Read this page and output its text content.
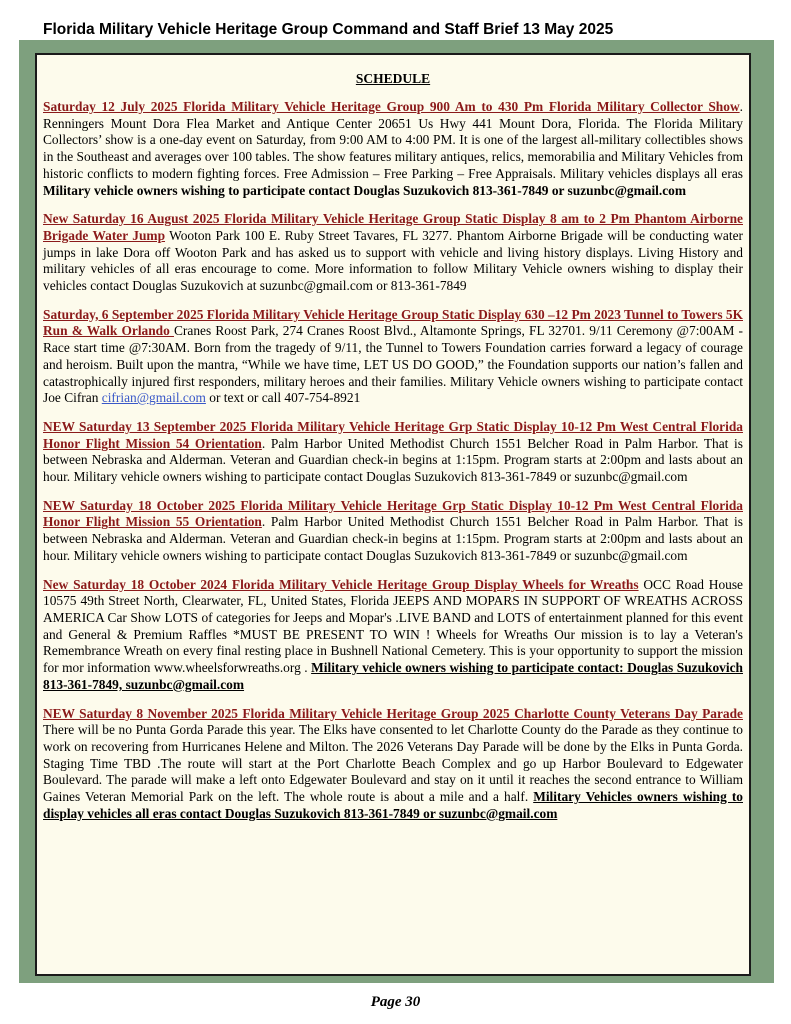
Florida Military Vehicle Heritage Group Command and Staff Brief 13 May 2025
SCHEDULE

Saturday 12 July 2025 Florida Military Vehicle Heritage Group 900 Am to 430 Pm Florida Military Collector Show. Renningers Mount Dora Flea Market and Antique Center 20651 Us Hwy 441 Mount Dora, Florida. The Florida Military Collectors’ show is a one-day event on Saturday, from 9:00 AM to 4:00 PM. It is one of the largest all-military collectibles shows in the Southeast and averages over 100 tables. The show features military antiques, relics, memorabilia and Military Vehicles from historic conflicts to modern fighting forces. Free Admission – Free Parking – Free Appraisals. Military vehicles displays all eras Military vehicle owners wishing to participate contact Douglas Suzukovich 813-361-7849 or suzunbc@gmail.com

New Saturday 16 August 2025 Florida Military Vehicle Heritage Group Static Display 8 am to 2 Pm Phantom Airborne Brigade Water Jump Wooton Park 100 E. Ruby Street Tavares, FL 3277. Phantom Airborne Brigade will be conducting water jumps in lake Dora off Wooton Park and has asked us to support with vehicle and living history displays. Living History and military vehicles of all eras encourage to come. More information to follow Military Vehicle owners wishing to display their vehicles contact Douglas Suzukovich at suzunbc@gmail.com or 813-361-7849

Saturday, 6 September 2025 Florida Military Vehicle Heritage Group Static Display 630 –12 Pm 2023 Tunnel to Towers 5K Run & Walk Orlando Cranes Roost Park, 274 Cranes Roost Blvd., Altamonte Springs, FL 32701. 9/11 Ceremony @7:00AM - Race start time @7:30AM. Born from the tragedy of 9/11, the Tunnel to Towers Foundation carries forward a legacy of courage and heroism. Built upon the mantra, “While we have time, LET US DO GOOD,” the Foundation supports our nation’s fallen and catastrophically injured first responders, military heroes and their families. Military Vehicle owners wishing to participate contact Joe Cifran cifrian@gmail.com or text or call 407-754-8921

NEW Saturday 13 September 2025 Florida Military Vehicle Heritage Grp Static Display 10-12 Pm West Central Florida Honor Flight Mission 54 Orientation. Palm Harbor United Methodist Church 1551 Belcher Road in Palm Harbor. That is between Nebraska and Alderman. Veteran and Guardian check-in begins at 1:15pm. Program starts at 2:00pm and lasts about an hour. Military vehicle owners wishing to participate contact Douglas Suzukovich 813-361-7849 or suzunbc@gmail.com

NEW Saturday 18 October 2025 Florida Military Vehicle Heritage Grp Static Display 10-12 Pm West Central Florida Honor Flight Mission 55 Orientation. Palm Harbor United Methodist Church 1551 Belcher Road in Palm Harbor. That is between Nebraska and Alderman. Veteran and Guardian check-in begins at 1:15pm. Program starts at 2:00pm and lasts about an hour. Military vehicle owners wishing to participate contact Douglas Suzukovich 813-361-7849 or suzunbc@gmail.com

New Saturday 18 October 2024 Florida Military Vehicle Heritage Group Display Wheels for Wreaths OCC Road House 10575 49th Street North, Clearwater, FL, United States, Florida JEEPS AND MOPARS IN SUPPORT OF WREATHS ACROSS AMERICA Car Show LOTS of categories for Jeeps and Mopar's .LIVE BAND and LOTS of entertainment planned for this event and General & Premium Raffles *MUST BE PRESENT TO WIN ! Wheels for Wreaths Our mission is to lay a Veteran's Remembrance Wreath on every final resting place in Bushnell National Cemetery. This is your opportunity to support the mission for mor information www.wheelsforwreaths.org . Military vehicle owners wishing to participate contact: Douglas Suzukovich 813-361-7849, suzunbc@gmail.com

NEW Saturday 8 November 2025 Florida Military Vehicle Heritage Group 2025 Charlotte County Veterans Day Parade There will be no Punta Gorda Parade this year. The Elks have consented to let Charlotte County do the Parade as they continue to work on recovering from Hurricanes Helene and Milton. The 2026 Veterans Day Parade will be done by the Elks in Punta Gorda. Staging Time TBD .The route will start at the Port Charlotte Beach Complex and go up Harbor Boulevard to Edgewater Boulevard. The parade will make a left onto Edgewater Boulevard and stay on it until it reaches the second entrance to William Gaines Veteran Memorial Park on the left. The whole route is about a mile and a half. Military Vehicles owners wishing to display vehicles all eras contact Douglas Suzukovich 813-361-7849 or suzunbc@gmail.com

Page 30
